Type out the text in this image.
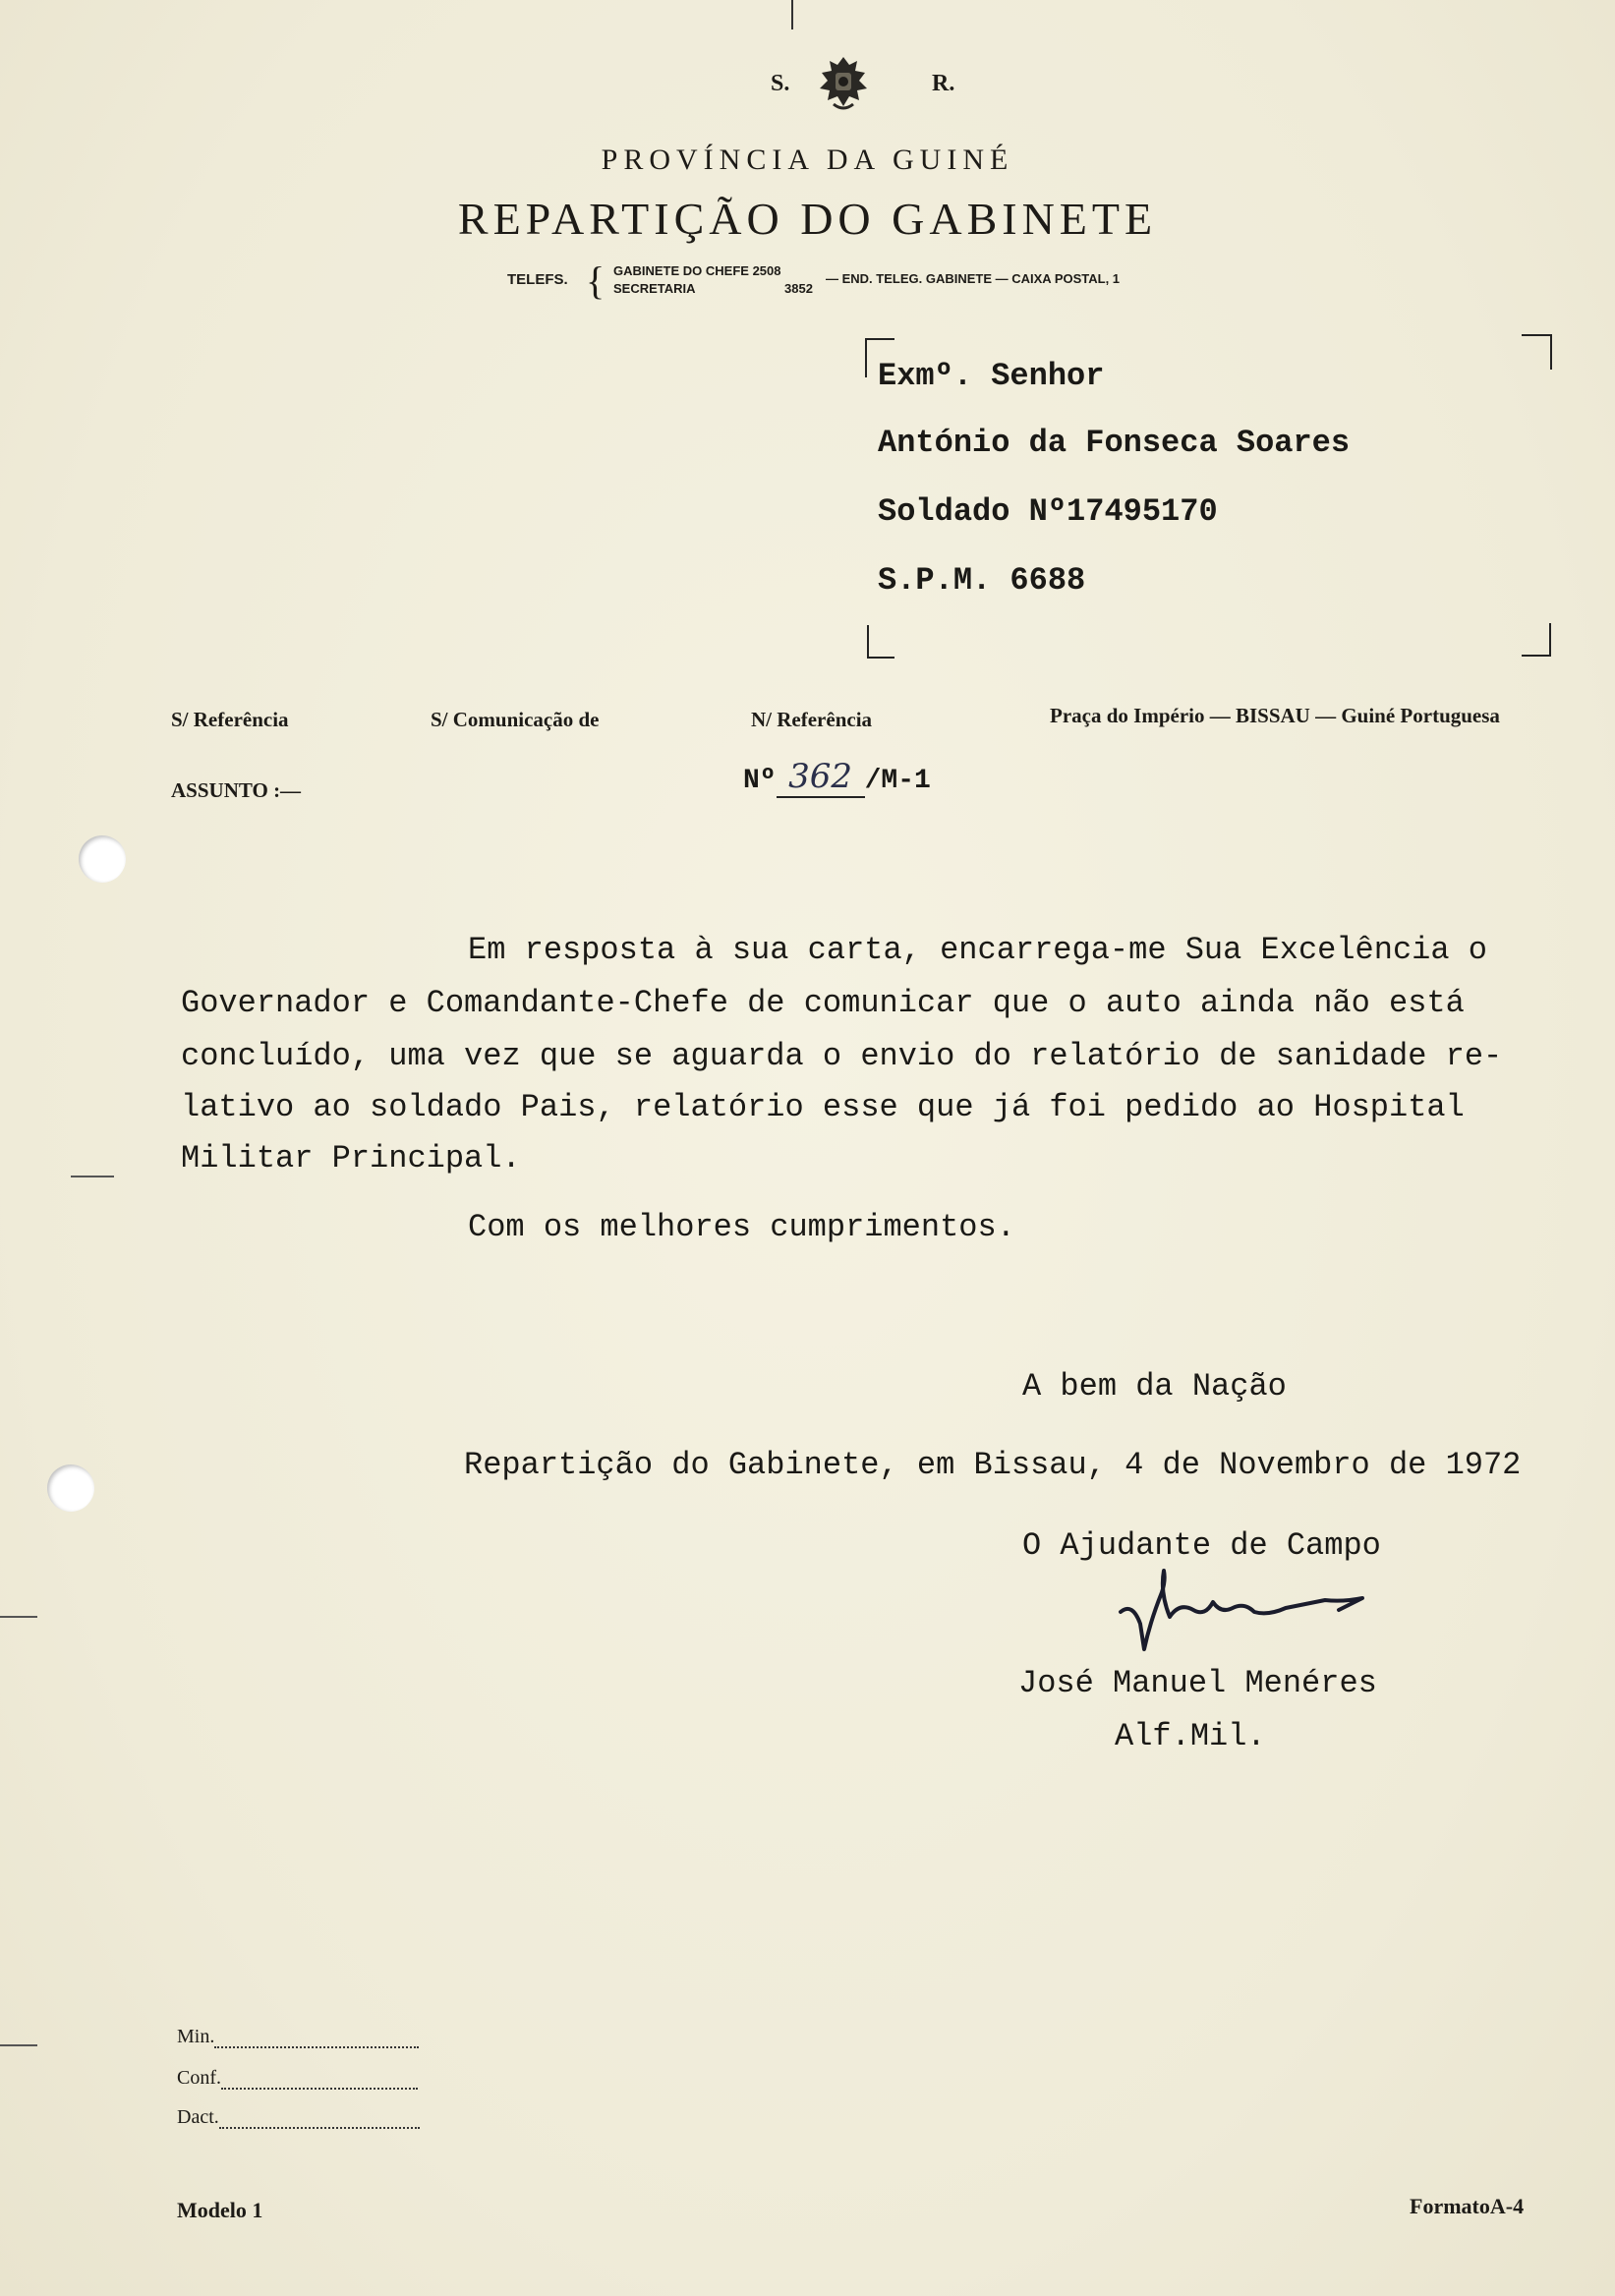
S.	R.
PROVÍNCIA DA GUINÉ
REPARTIÇÃO DO GABINETE
TELEFS. { GABINETE DO CHEFE 2508
SECRETARIA	3852
— END. TELEG. GABINETE — CAIXA POSTAL, 1
Exmº. Senhor
António da Fonseca Soares
Soldado Nº17495170
S.P.M. 6688
S/ Referência	S/ Comunicação de	N/ Referência	Praça do Império — BISSAU — Guiné Portuguesa
ASSUNTO :—	Nº 362 /M-1
Em resposta à sua carta, encarrega-me Sua Excelência o
Governador e Comandante-Chefe de comunicar que o auto ainda não está
concluído, uma vez que se aguarda o envio do relatório de sanidade re-
lativo ao soldado Pais, relatório esse que já foi pedido ao Hospital
Militar Principal.
Com os melhores cumprimentos.
A bem da Nação
Repartição do Gabinete, em Bissau, 4 de Novembro de 1972
O Ajudante de Campo
José Manuel Menéres
Alf.Mil.
Min.
Conf.
Dact.
Modelo 1	FormatoA-4
